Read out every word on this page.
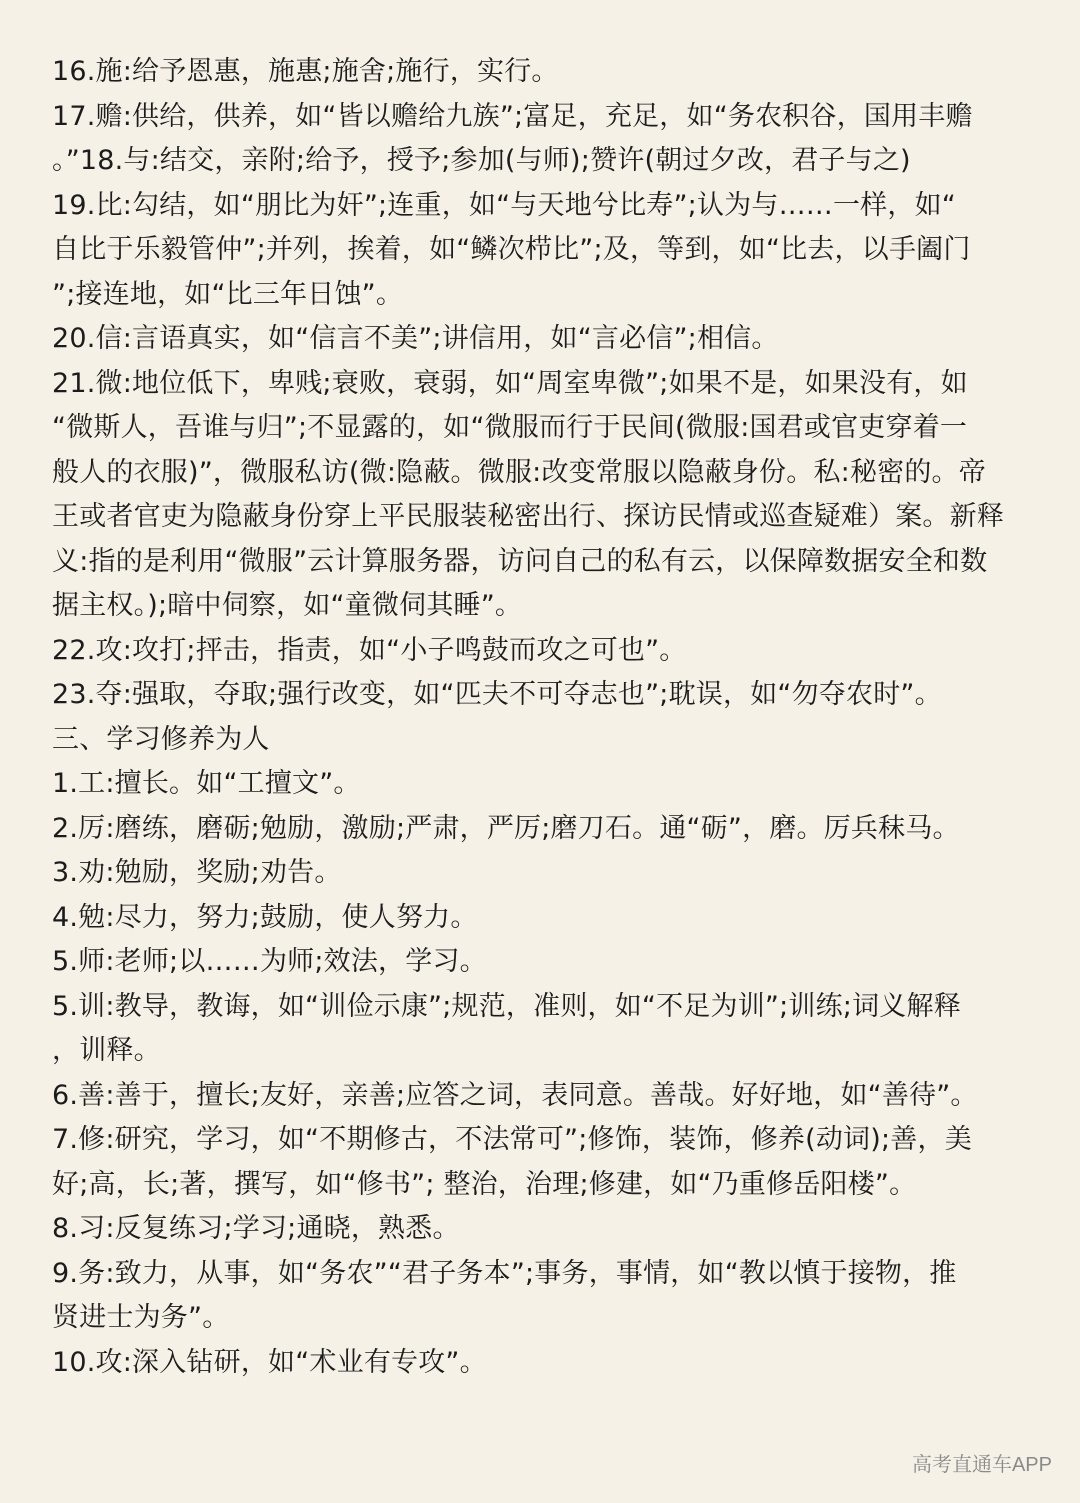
16.施:给予恩惠，施惠;施舍;施行，实行。
17.赡:供给，供养，如“皆以赡给九族”;富足，充足，如“务农积谷，国用丰赡
。”18.与:结交，亲附;给予，授予;参加(与师);赞许(朝过夕改，君子与之)
19.比:勾结，如“朋比为奸”;连重，如“与天地兮比寿”;认为与……一样，如“
自比于乐毅管仲”;并列，挨着，如“鳞次栉比”;及，等到，如“比去，以手阖门
”;接连地，如“比三年日蚀”。
20.信:言语真实，如“信言不美”;讲信用，如“言必信”;相信。
21.微:地位低下，卑贱;衰败，衰弱，如“周室卑微”;如果不是，如果没有，如
“微斯人，吾谁与归”;不显露的，如“微服而行于民间(微服:国君或官吏穿着一
般人的衣服)”，微服私访(微:隐蔽。微服:改变常服以隐蔽身份。私:秘密的。帝
王或者官吏为隐蔽身份穿上平民服装秘密出行、探访民情或巡查疑难）案。新释
义:指的是利用“微服”云计算服务器，访问自己的私有云，以保障数据安全和数
据主权。);暗中伺察，如“童微伺其睡”。
22.攻:攻打;抨击，指责，如“小子鸣鼓而攻之可也”。
23.夺:强取，夺取;强行改变，如“匹夫不可夺志也”;耽误，如“勿夺农时”。
三、学习修养为人
1.工:擅长。如“工擅文”。
2.厉:磨练，磨砺;勉励，激励;严肃，严厉;磨刀石。通“砺”，磨。厉兵秣马。
3.劝:勉励，奖励;劝告。
4.勉:尽力，努力;鼓励，使人努力。
5.师:老师;以……为师;效法，学习。
5.训:教导，教诲，如“训俭示康”;规范，准则，如“不足为训”;训练;词义解释
，训释。
6.善:善于，擅长;友好，亲善;应答之词，表同意。善哉。好好地，如“善待”。
7.修:研究，学习，如“不期修古，不法常可”;修饰，装饰，修养(动词);善，美
好;高，长;著，撰写，如“修书”; 整治，治理;修建，如“乃重修岳阳楼”。
8.习:反复练习;学习;通晓，熟悉。
9.务:致力，从事，如“务农”“君子务本”;事务，事情，如“教以慎于接物，推
贤进士为务”。
10.攻:深入钻研，如“术业有专攻”。
高考直通车APP
